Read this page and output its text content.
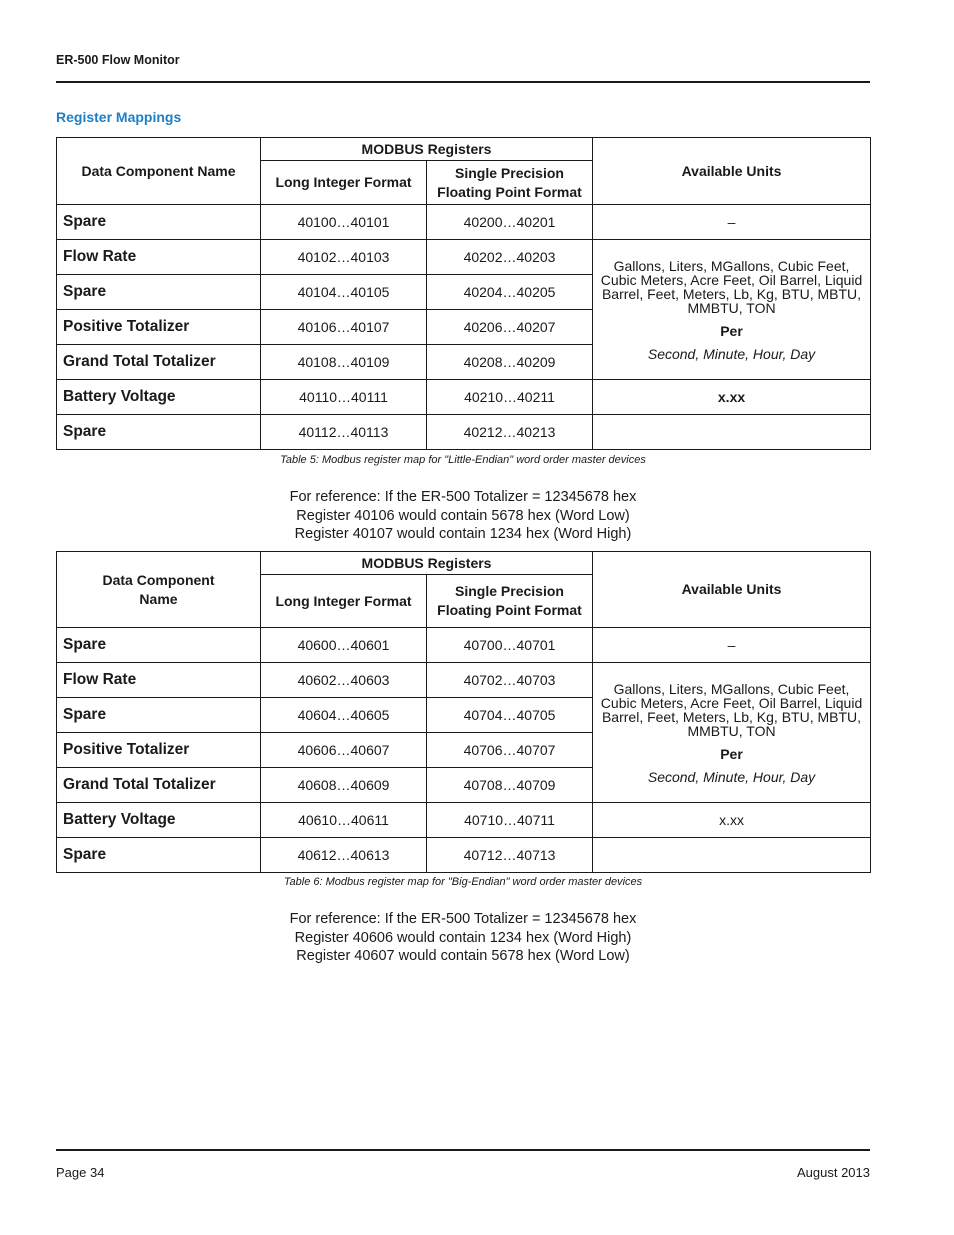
ER-500 Flow Monitor
Register Mappings
Data Component Name	MODBUS Registers		Available Units
	Long Integer Format	Single Precision Floating Point Format	
Spare	40100…40101	40200…40201	–
Flow Rate	40102…40103	40202…40203	Gallons, Liters, MGallons, Cubic Feet, Cubic Meters, Acre Feet, Oil Barrel, Liquid Barrel, Feet, Meters, Lb, Kg, BTU, MBTU, MMBTU, TON
Per
Second, Minute, Hour, Day

Spare	40104…40105	40204…40205	
Positive Totalizer	40106…40107	40206…40207	
Grand Total Totalizer	40108…40109	40208…40209	
Battery Voltage	40110…40111	40210…40211	x.xx
Spare	40112…40113	40212…40213	
Table 5: Modbus register map for "Little-Endian" word order master devices
For reference: If the ER-500 Totalizer = 12345678 hex
Register 40106 would contain 5678 hex (Word Low)
Register 40107 would contain 1234 hex (Word High)
Data Component Name	MODBUS Registers		Available Units
	Long Integer Format	Single Precision Floating Point Format	
Spare	40600…40601	40700…40701	–
Flow Rate	40602…40603	40702…40703	Gallons, Liters, MGallons, Cubic Feet, Cubic Meters, Acre Feet, Oil Barrel, Liquid Barrel, Feet, Meters, Lb, Kg, BTU, MBTU, MMBTU, TON
Per
Second, Minute, Hour, Day

Spare	40604…40605	40704…40705	
Positive Totalizer	40606…40607	40706…40707	
Grand Total Totalizer	40608…40609	40708…40709	
Battery Voltage	40610…40611	40710…40711	x.xx
Spare	40612…40613	40712…40713	
Table 6: Modbus register map for "Big-Endian" word order master devices
For reference: If the ER-500 Totalizer = 12345678 hex
Register 40606 would contain 1234 hex (Word High)
Register 40607 would contain 5678 hex (Word Low)
Page 34	August 2013
